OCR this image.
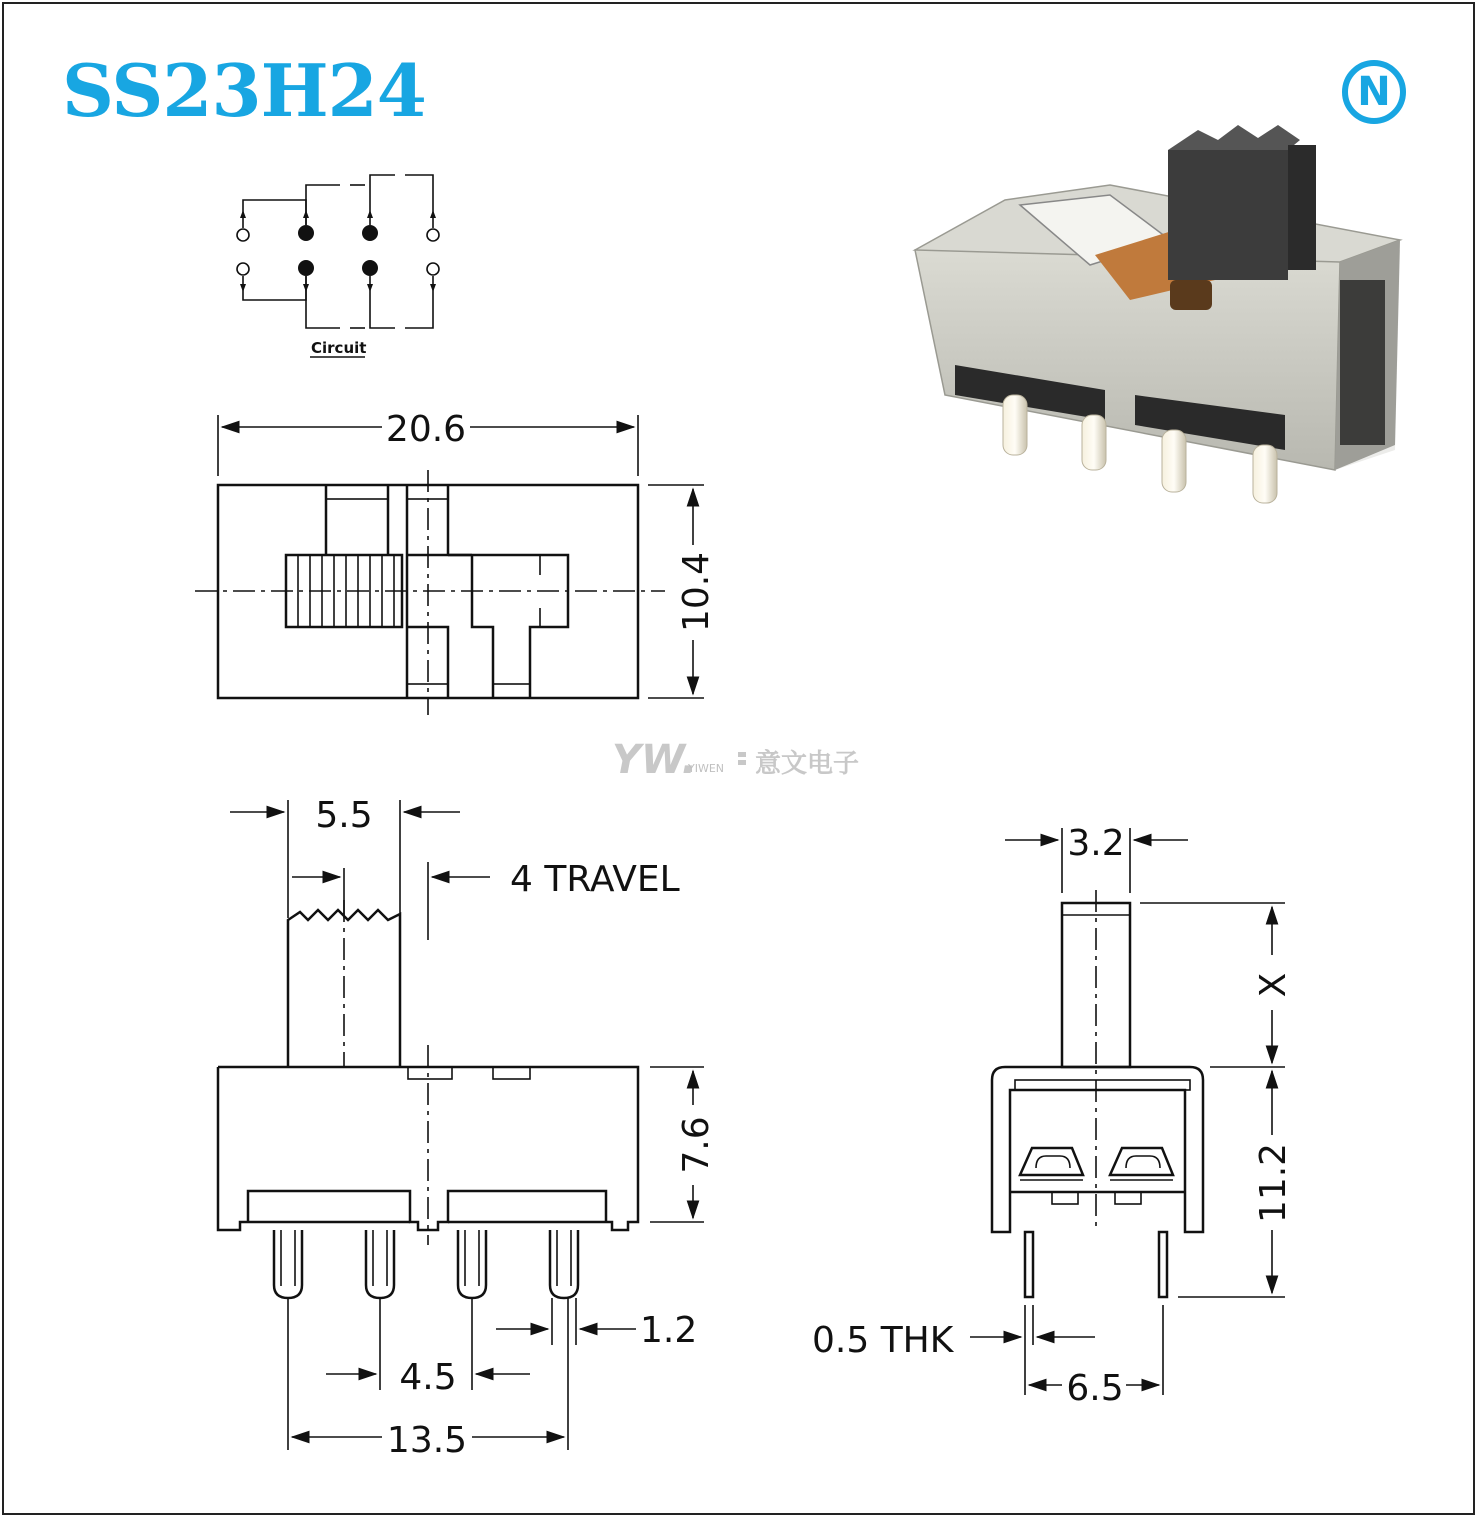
SS23H24	N
Circuit
20.6
10.4
YW.
YIWEN 意文电子
5.5
4 TRAVEL
7.6
1.2
4.5
13.5
3.2
X
11.2
0.5 THK
6.5
